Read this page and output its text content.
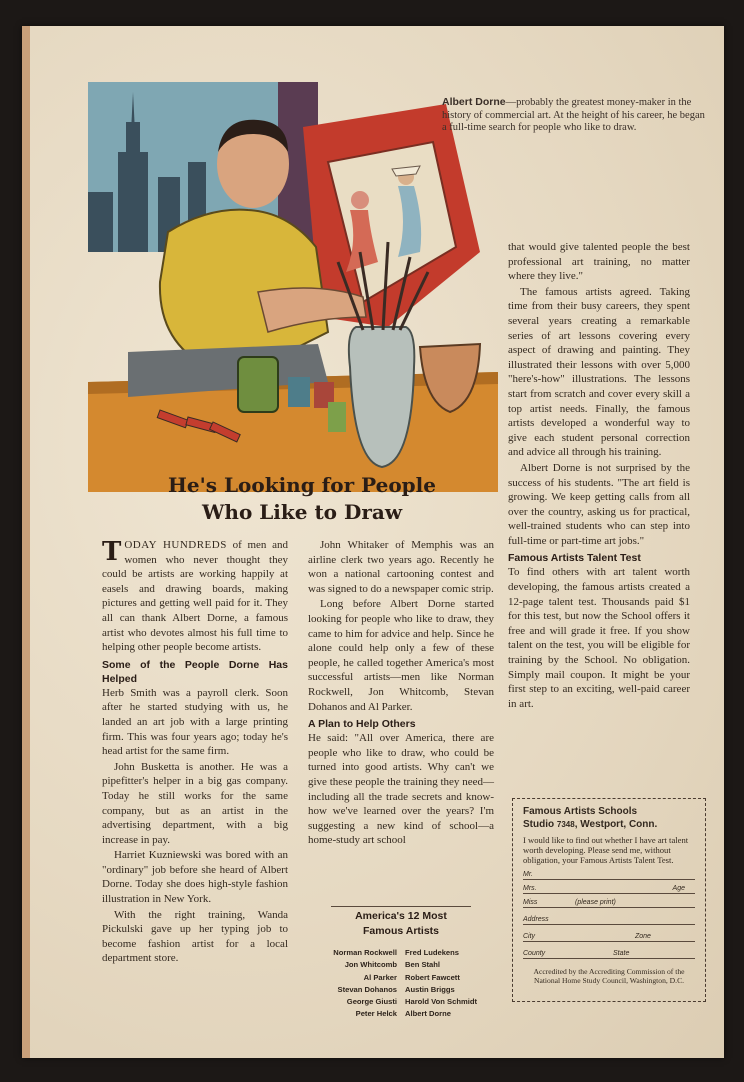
Albert Dorne—probably the greatest money-maker in the history of commercial art. At the height of his career, he began a full-time search for people who like to draw.
He's Looking for People
Who Like to Draw

TODAY HUNDREDS of men and women who never thought they could be artists are working happily at easels and drawing boards, making pictures and getting well paid for it. They all can thank Albert Dorne, a famous artist who devotes almost his full time to helping other people become artists.

Some of the People Dorne Has Helped

Herb Smith was a payroll clerk. Soon after he started studying with us, he landed an art job with a large printing firm. This was four years ago; today he's head artist for the same firm.

John Busketta is another. He was a pipefitter's helper in a big gas company. Today he still works for the same company, but as an artist in the advertising department, with a big increase in pay.

Harriet Kuzniewski was bored with an "ordinary" job before she heard of Albert Dorne. Today she does high-style fashion illustration in New York.

With the right training, Wanda Pickulski gave up her typing job to become fashion artist for a local department store.

John Whitaker of Memphis was an airline clerk two years ago. Recently he won a national cartooning contest and was signed to do a newspaper comic strip.

Long before Albert Dorne started looking for people who like to draw, they came to him for advice and help. Since he alone could help only a few of these people, he called together America's most successful artists—men like Norman Rockwell, Jon Whitcomb, Stevan Dohanos and Al Parker.

A Plan to Help Others

He said: "All over America, there are people who like to draw, who could be turned into good artists. Why can't we give these people the training they need—including all the trade secrets and know-how we've learned over the years? I'm suggesting a new kind of school—a home-study art school

America's 12 Most
Famous Artists
Norman Rockwell
Jon Whitcomb
Al Parker
Stevan Dohanos
George Giusti
Peter Helck
Fred Ludekens
Ben Stahl
Robert Fawcett
Austin Briggs
Harold Von Schmidt
Albert Dorne

that would give talented people the best professional art training, no matter where they live."

The famous artists agreed. Taking time from their busy careers, they spent several years creating a remarkable series of art lessons covering every aspect of drawing and painting. They illustrated their lessons with over 5,000 "here's-how" illustrations. The lessons start from scratch and cover every skill a top artist needs. Finally, the famous artists developed a wonderful way to give each student personal correction and advice all through his training.

Albert Dorne is not surprised by the success of his students. "The art field is growing. We keep getting calls from all over the country, asking us for practical, well-trained students who can step into full-time or part-time art jobs."

Famous Artists Talent Test

To find others with art talent worth developing, the famous artists created a 12-page talent test. Thousands paid $1 for this test, but now the School offers it free and will grade it free. If you show talent on the test, you will be eligible for training by the School. No obligation. Simply mail coupon. It might be your first step to an exciting, well-paid career in art.

Famous Artists Schools
Studio 7348, Westport, Conn.
I would like to find out whether I have art talent worth developing. Please send me, without obligation, your Famous Artists Talent Test.
Mr.
Mrs.	Age
Miss	(please print)
Address
City	Zone
County	State
Accredited by the Accrediting Commission of the National Home Study Council, Washington, D.C.
